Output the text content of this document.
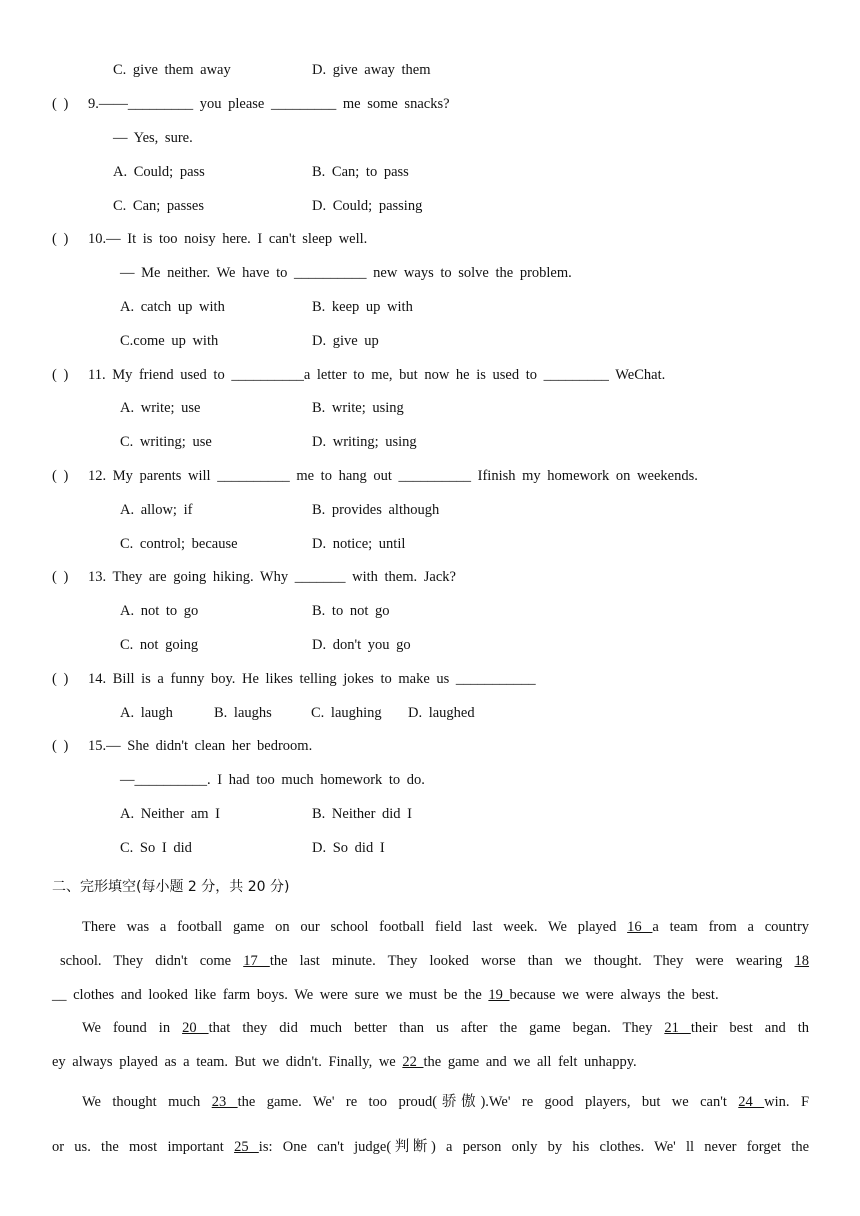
C. give them away	D. give away them
( ) 9.——_________ you please _________ me some snacks?
— Yes, sure.
A. Could; pass	B. Can; to pass
C. Can; passes	D. Could; passing
( ) 10.— It is too noisy here. I can't sleep well.
— Me neither. We have to __________ new ways to solve the problem.
A. catch up with	B. keep up with
C.come up with	D. give up
( ) 11. My friend used to __________a letter to me, but now he is used to _________ WeChat.
A. write; use	B. write; using
C. writing; use	D. writing; using
( ) 12. My parents will __________ me to hang out __________ Ifinish my homework on weekends.
A. allow; if	B. provides although
C. control; because	D. notice; until
( ) 13. They are going hiking. Why _______ with them. Jack?
A. not to go	B. to not go
C. not going	D. don't you go
( ) 14. Bill is a funny boy. He likes telling jokes to make us ___________
A. laugh	B. laughs	C. laughing D. laughed
( ) 15.— She didn't clean her bedroom.
—__________. I had too much homework to do.
A. Neither am I	B. Neither did I
C. So I did	D. So did I
二、完形填空(每小题 2 分，共 20 分)
There was a football game on our school football field last week. We played 16 a team from a country
school. They didn't come 17 the last minute. They looked worse than we thought. They were wearing 18
__ clothes and looked like farm boys. We were sure we must be the 19 because we were always the best.
We found in 20 that they did much better than us after the game began. They 21 their best and th
ey always played as a team. But we didn't. Finally, we 22 the game and we all felt unhappy.
We thought much 23 the game. We' re too proud(骄傲).We' re good players, but we can't 24 win. F
or us. the most important 25 is: One can't judge(判断) a person only by his clothes. We' ll never forget the
